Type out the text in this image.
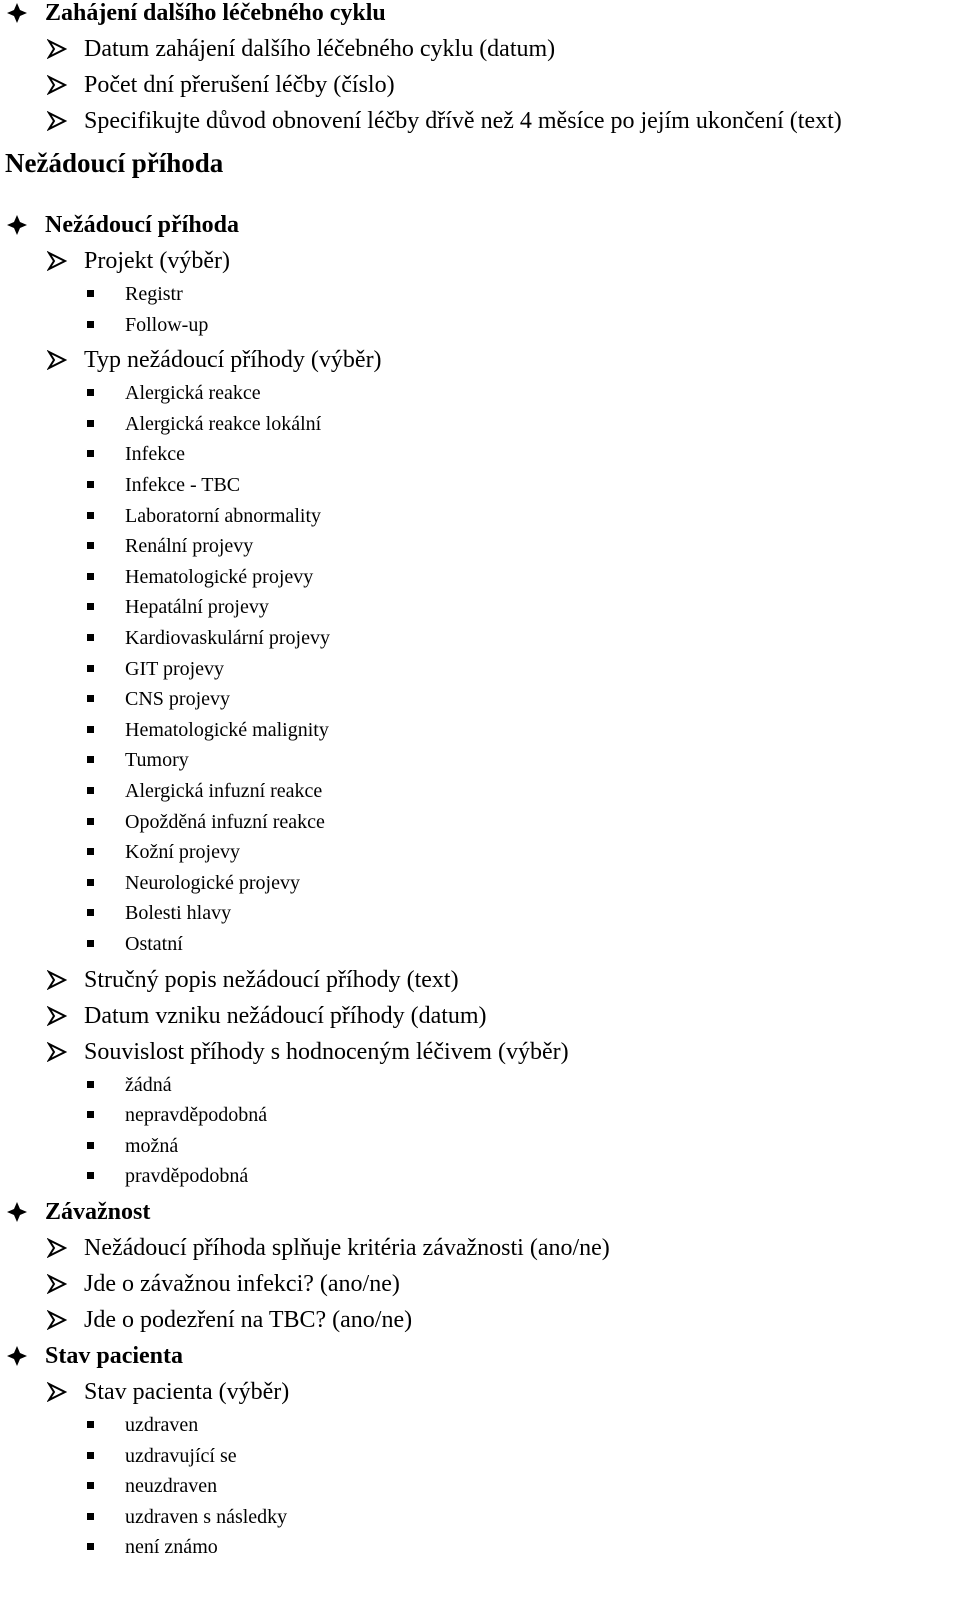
Zahájení dalšího léčebného cyklu
Datum zahájení dalšího léčebného cyklu (datum)
Počet dní přerušení léčby (číslo)
Specifikujte důvod obnovení léčby dřívě než 4 měsíce po jejím ukončení (text)
Nežádoucí příhoda
Nežádoucí příhoda
Projekt (výběr)
Registr
Follow-up
Typ nežádoucí příhody (výběr)
Alergická reakce
Alergická reakce lokální
Infekce
Infekce - TBC
Laboratorní abnormality
Renální projevy
Hematologické projevy
Hepatální projevy
Kardiovaskulární projevy
GIT projevy
CNS projevy
Hematologické malignity
Tumory
Alergická infuzní reakce
Opožděná infuzní reakce
Kožní projevy
Neurologické projevy
Bolesti hlavy
Ostatní
Stručný popis nežádoucí příhody (text)
Datum vzniku nežádoucí příhody (datum)
Souvislost příhody s hodnoceným léčivem (výběr)
žádná
nepravděpodobná
možná
pravděpodobná
Závažnost
Nežádoucí příhoda splňuje kritéria závažnosti (ano/ne)
Jde o závažnou infekci? (ano/ne)
Jde o podezření na TBC? (ano/ne)
Stav pacienta
Stav pacienta (výběr)
uzdraven
uzdravující se
neuzdraven
uzdraven s následky
není známo
